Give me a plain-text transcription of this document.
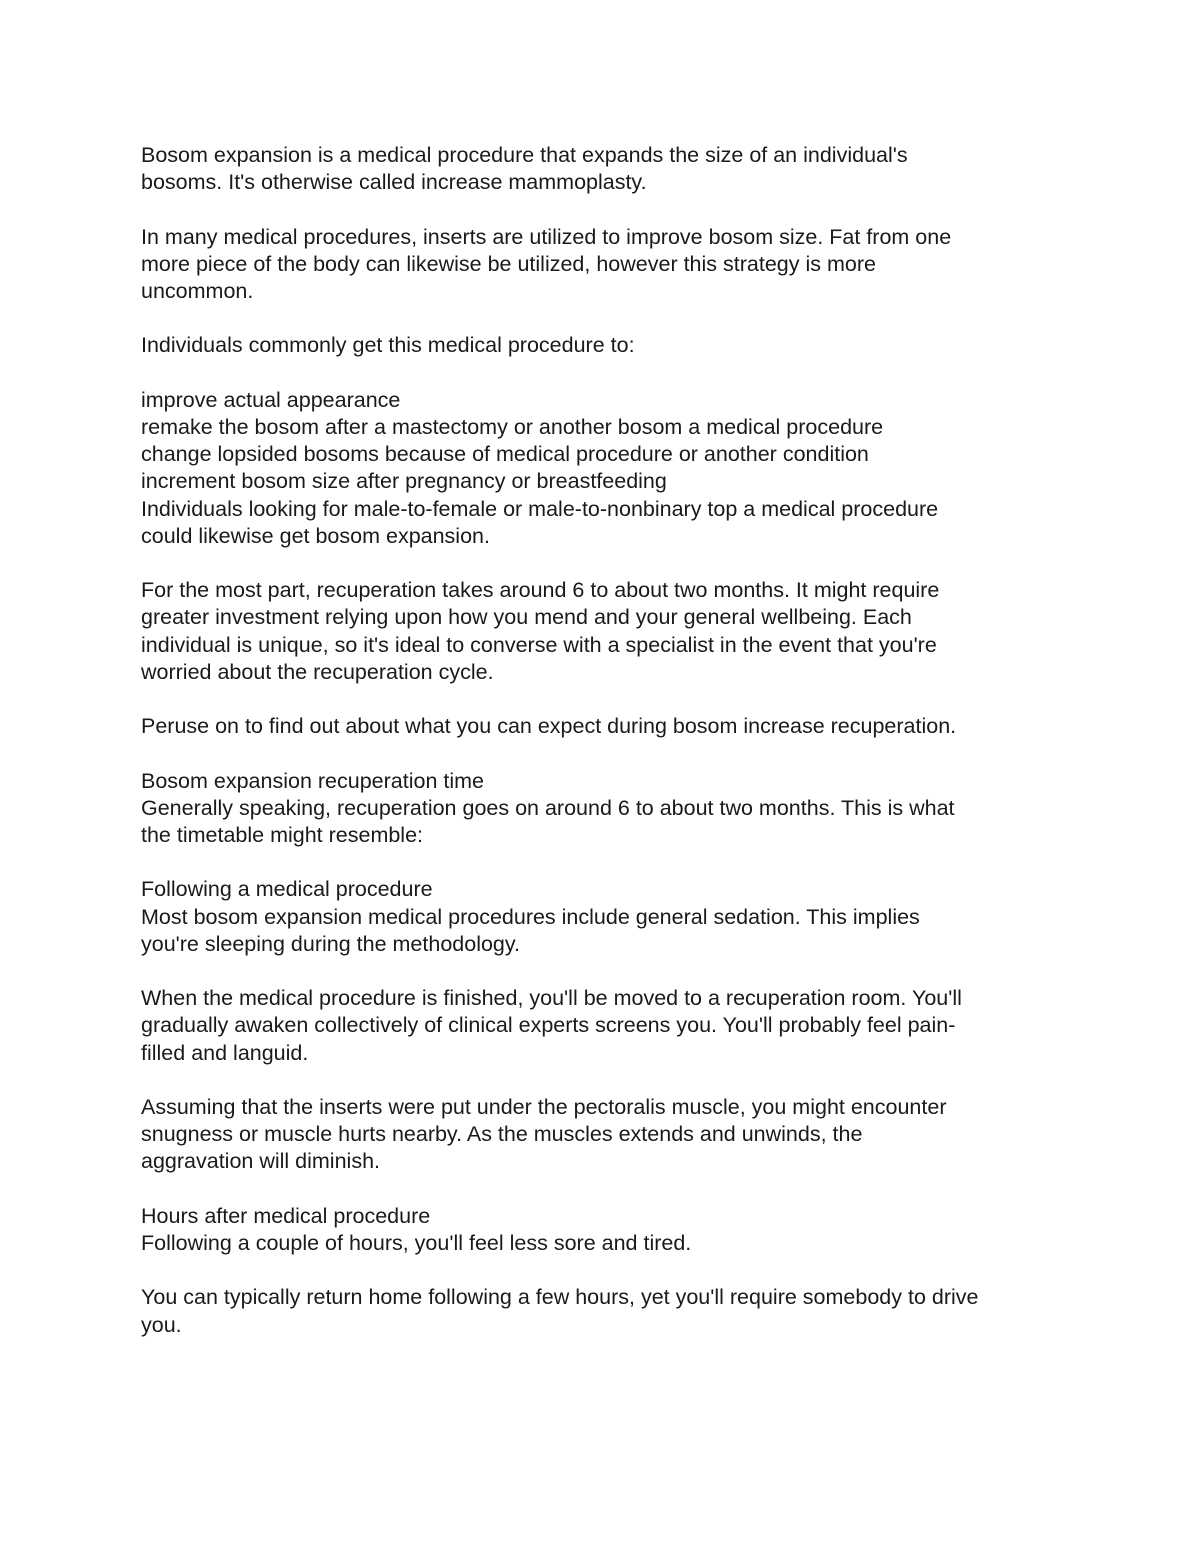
Bosom expansion is a medical procedure that expands the size of an individual's
bosoms. It's otherwise called increase mammoplasty.

In many medical procedures, inserts are utilized to improve bosom size. Fat from one
more piece of the body can likewise be utilized, however this strategy is more
uncommon.

Individuals commonly get this medical procedure to:

improve actual appearance
remake the bosom after a mastectomy or another bosom a medical procedure
change lopsided bosoms because of medical procedure or another condition
increment bosom size after pregnancy or breastfeeding
Individuals looking for male-to-female or male-to-nonbinary top a medical procedure
could likewise get bosom expansion.

For the most part, recuperation takes around 6 to about two months. It might require
greater investment relying upon how you mend and your general wellbeing. Each
individual is unique, so it's ideal to converse with a specialist in the event that you're
worried about the recuperation cycle.

Peruse on to find out about what you can expect during bosom increase recuperation.

Bosom expansion recuperation time
Generally speaking, recuperation goes on around 6 to about two months. This is what
the timetable might resemble:

Following a medical procedure
Most bosom expansion medical procedures include general sedation. This implies
you're sleeping during the methodology.

When the medical procedure is finished, you'll be moved to a recuperation room. You'll
gradually awaken collectively of clinical experts screens you. You'll probably feel pain-
filled and languid.

Assuming that the inserts were put under the pectoralis muscle, you might encounter
snugness or muscle hurts nearby. As the muscles extends and unwinds, the
aggravation will diminish.

Hours after medical procedure
Following a couple of hours, you'll feel less sore and tired.

You can typically return home following a few hours, yet you'll require somebody to drive
you.
